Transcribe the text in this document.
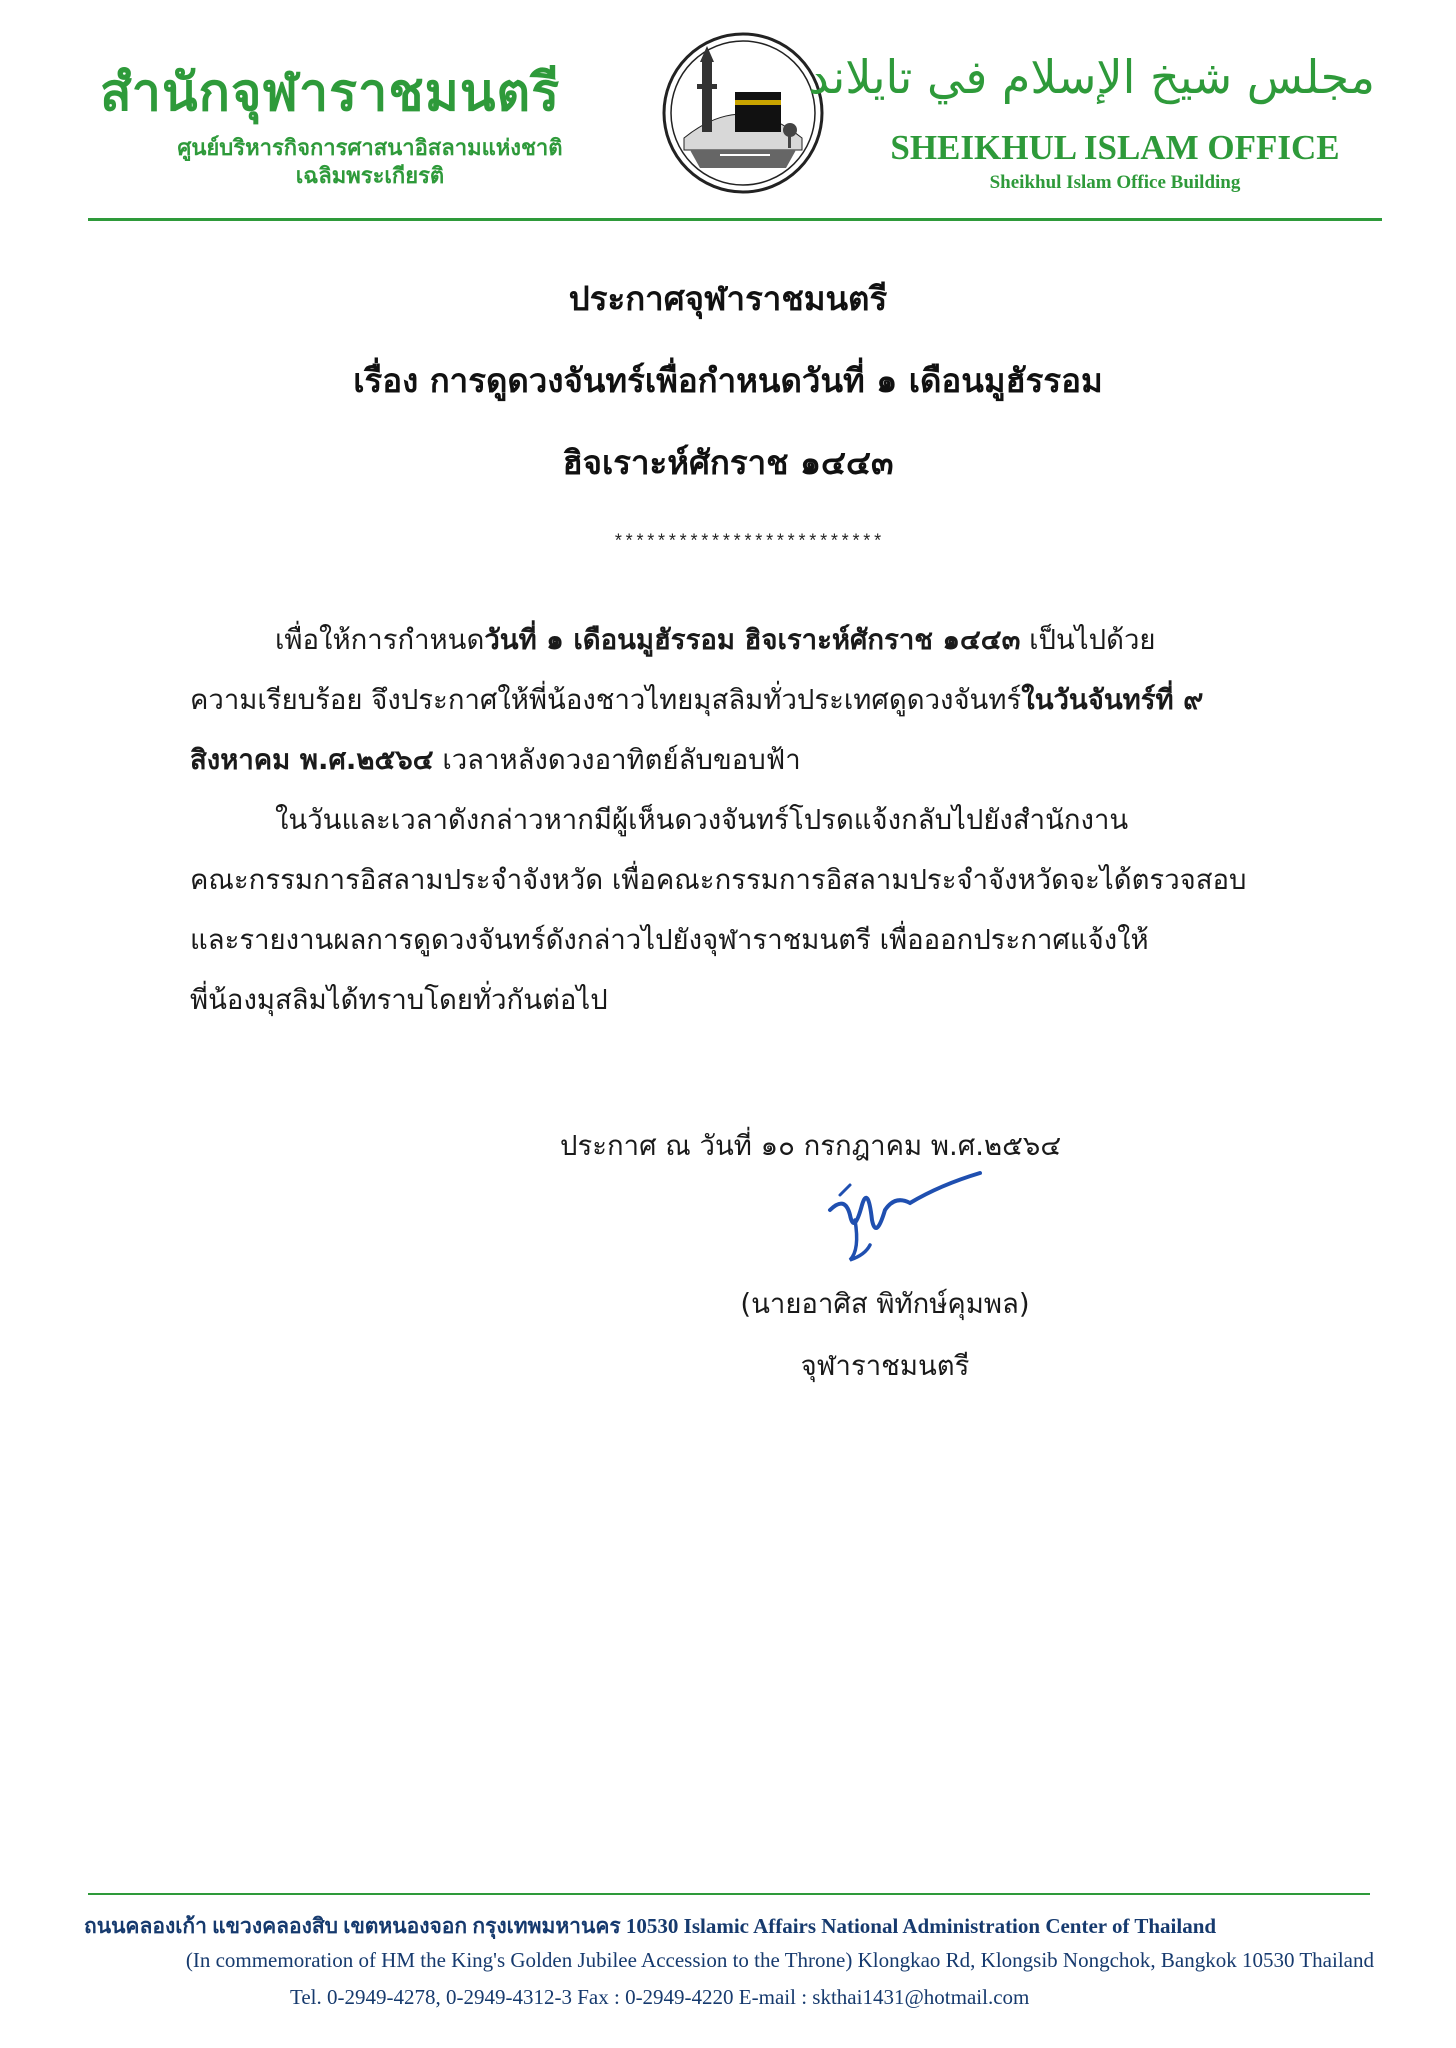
สำนักจุฬาราชมนตรี
ศูนย์บริหารกิจการศาสนาอิสลามแห่งชาติ
เฉลิมพระเกียรติ
مجلس شيخ الإسلام في تايلاند
SHEIKHUL ISLAM OFFICE
Sheikhul Islam Office Building
ประกาศจุฬาราชมนตรี
เรื่อง การดูดวงจันทร์เพื่อกำหนดวันที่ ๑ เดือนมูฮัรรอม
ฮิจเราะห์ศักราช ๑๔๔๓
*************************
เพื่อให้การกำหนดวันที่ ๑ เดือนมูฮัรรอม ฮิจเราะห์ศักราช ๑๔๔๓ เป็นไปด้วย
ความเรียบร้อย จึงประกาศให้พี่น้องชาวไทยมุสลิมทั่วประเทศดูดวงจันทร์ในวันจันทร์ที่ ๙
สิงหาคม พ.ศ.๒๕๖๔ เวลาหลังดวงอาทิตย์ลับขอบฟ้า
ในวันและเวลาดังกล่าวหากมีผู้เห็นดวงจันทร์โปรดแจ้งกลับไปยังสำนักงาน
คณะกรรมการอิสลามประจำจังหวัด เพื่อคณะกรรมการอิสลามประจำจังหวัดจะได้ตรวจสอบ
และรายงานผลการดูดวงจันทร์ดังกล่าวไปยังจุฬาราชมนตรี เพื่อออกประกาศแจ้งให้
พี่น้องมุสลิมได้ทราบโดยทั่วกันต่อไป
ประกาศ ณ วันที่ ๑๐ กรกฎาคม พ.ศ.๒๕๖๔
(นายอาศิส พิทักษ์คุมพล)
จุฬาราชมนตรี
ถนนคลองเก้า แขวงคลองสิบ เขตหนองจอก กรุงเทพมหานคร 10530 Islamic Affairs National Administration Center of Thailand
(In commemoration of HM the King's Golden Jubilee Accession to the Throne) Klongkao Rd, Klongsib Nongchok, Bangkok 10530 Thailand
Tel. 0-2949-4278, 0-2949-4312-3 Fax : 0-2949-4220 E-mail : skthai1431@hotmail.com
